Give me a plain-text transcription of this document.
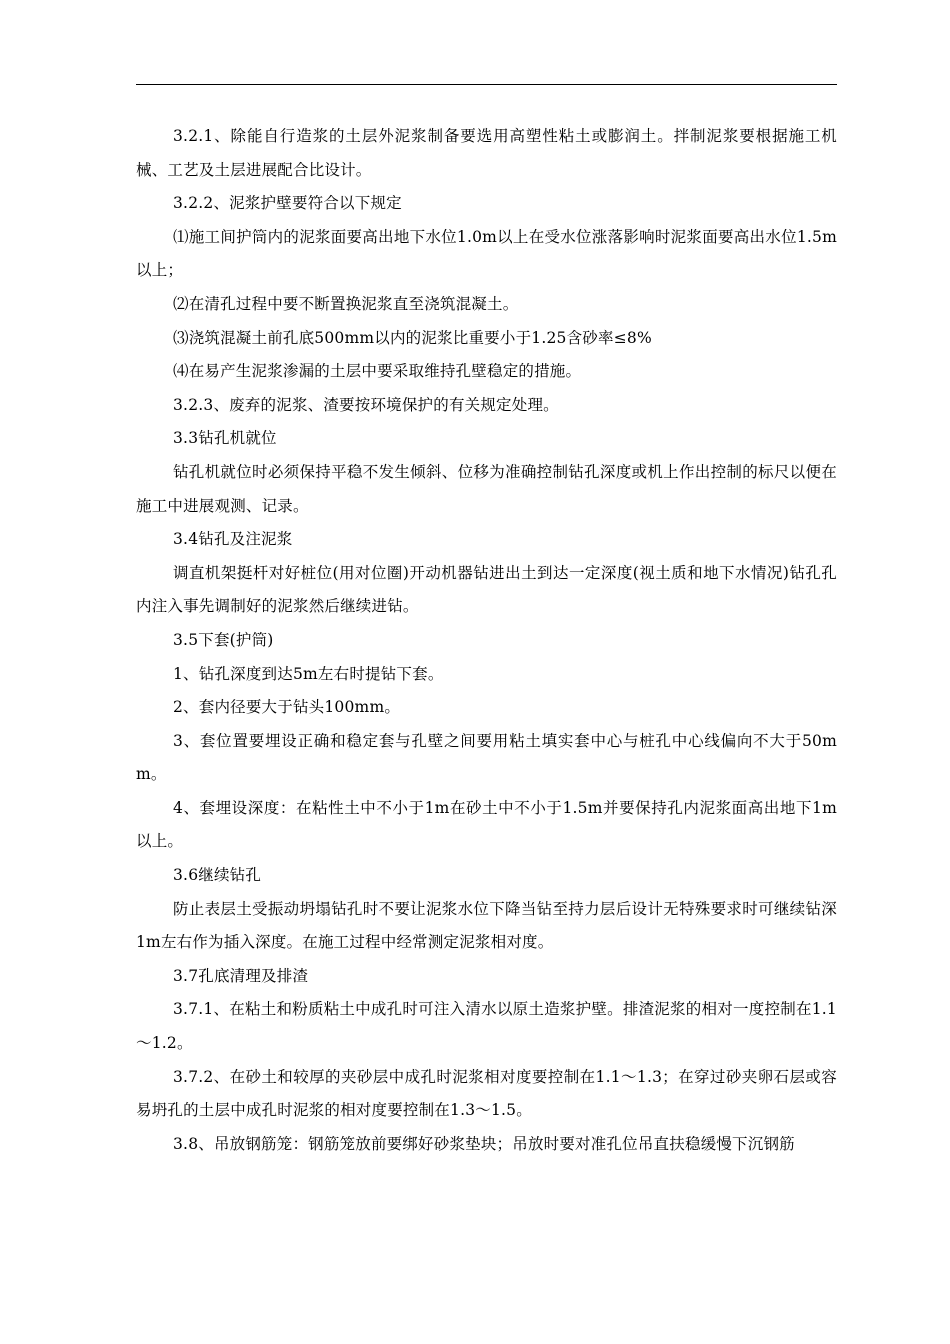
3.2.1、除能自行造浆的土层外泥浆制备要选用高塑性粘土或膨润土。拌制泥浆要根据施工机械、工艺及土层进展配合比设计。

3.2.2、泥浆护壁要符合以下规定

⑴施工间护筒内的泥浆面要高出地下水位1.0m以上在受水位涨落影响时泥浆面要高出水位1.5m以上；

⑵在清孔过程中要不断置换泥浆直至浇筑混凝土。

⑶浇筑混凝土前孔底500mm以内的泥浆比重要小于1.25含砂率≤8%

⑷在易产生泥浆渗漏的土层中要采取维持孔壁稳定的措施。

3.2.3、废弃的泥浆、渣要按环境保护的有关规定处理。

3.3钻孔机就位

钻孔机就位时必须保持平稳不发生倾斜、位移为准确控制钻孔深度或机上作出控制的标尺以便在施工中进展观测、记录。

3.4钻孔及注泥浆

调直机架挺杆对好桩位(用对位圈)开动机器钻进出土到达一定深度(视土质和地下水情况)钻孔孔内注入事先调制好的泥浆然后继续进钻。

3.5下套(护筒)

1、钻孔深度到达5m左右时提钻下套。

2、套内径要大于钻头100mm。

3、套位置要埋设正确和稳定套与孔壁之间要用粘土填实套中心与桩孔中心线偏向不大于50mm。

4、套埋设深度：在粘性土中不小于1m在砂土中不小于1.5m并要保持孔内泥浆面高出地下1m以上。

3.6继续钻孔

防止表层土受振动坍塌钻孔时不要让泥浆水位下降当钻至持力层后设计无特殊要求时可继续钻深1m左右作为插入深度。在施工过程中经常测定泥浆相对度。

3.7孔底清理及排渣

3.7.1、在粘土和粉质粘土中成孔时可注入清水以原土造浆护壁。排渣泥浆的相对一度控制在1.1～1.2。

3.7.2、在砂土和较厚的夹砂层中成孔时泥浆相对度要控制在1.1～1.3；在穿过砂夹卵石层或容易坍孔的土层中成孔时泥浆的相对度要控制在1.3～1.5。

3.8、吊放钢筋笼：钢筋笼放前要绑好砂浆垫块；吊放时要对准孔位吊直扶稳缓慢下沉钢筋
